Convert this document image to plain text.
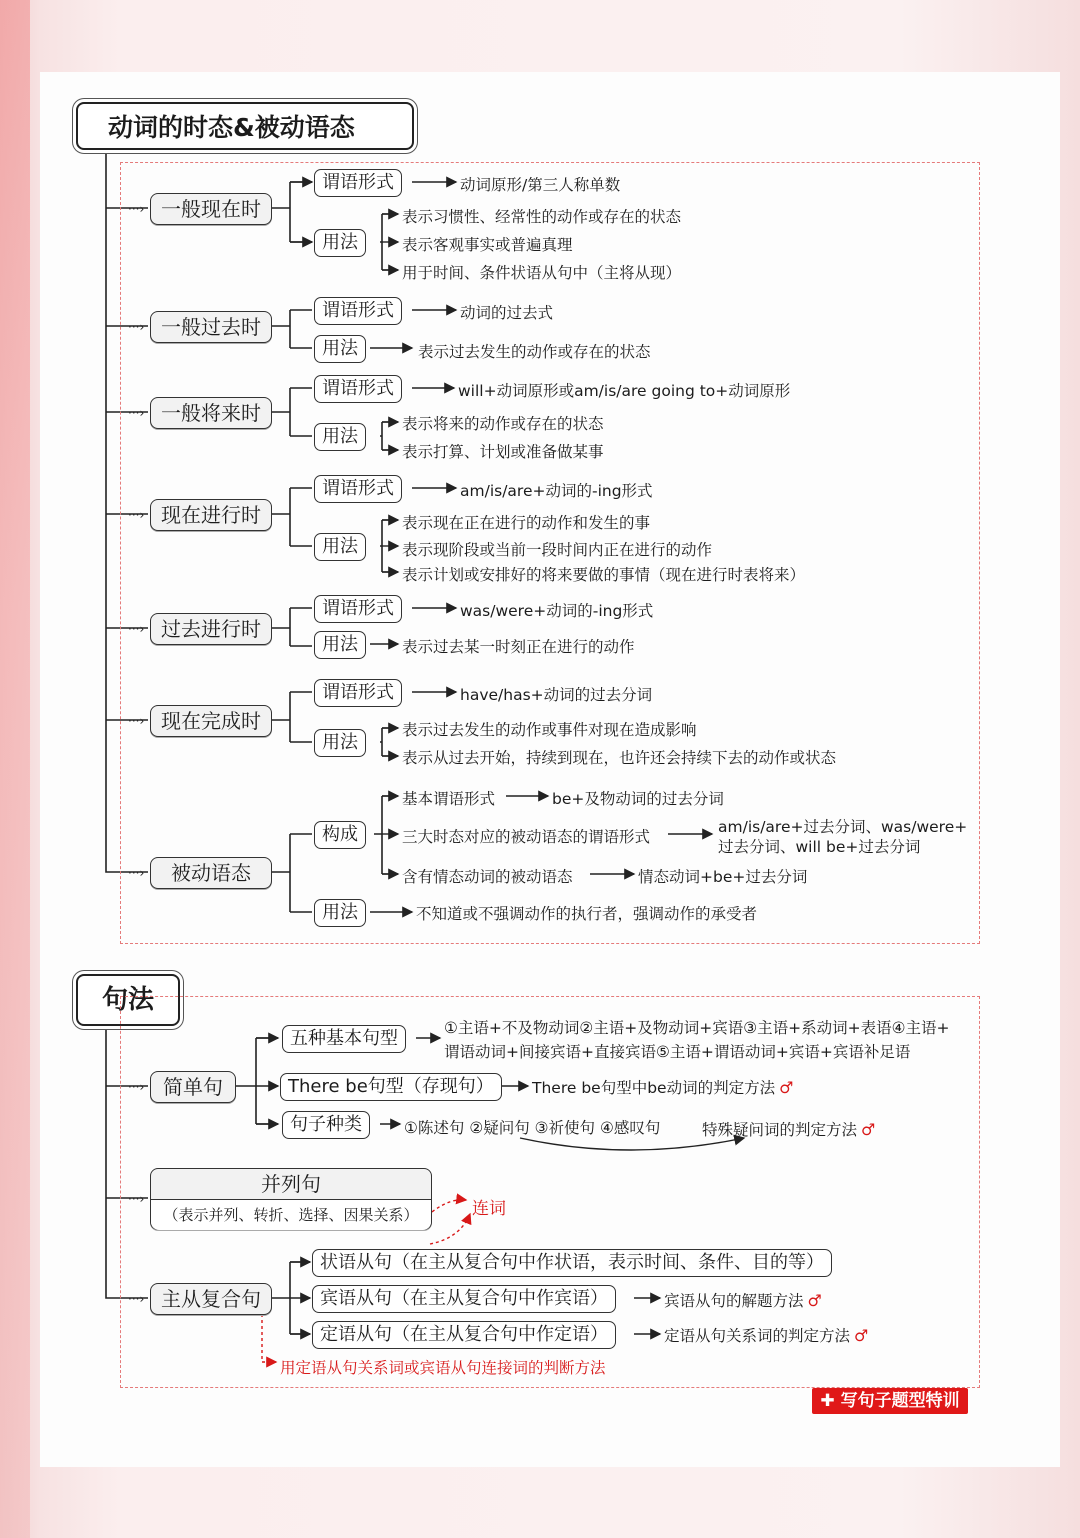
···›
···›
···›
···›
···›
···›
···›
···›
···›
···›
动词的时态&被动语态
一般现在时
谓语形式	动词原形/第三人称单数
用法
表示习惯性、经常性的动作或存在的状态
表示客观事实或普遍真理
用于时间、条件状语从句中（主将从现）
一般过去时
谓语形式	动词的过去式
用法	表示过去发生的动作或存在的状态
一般将来时
谓语形式	will+动词原形或am/is/are going to+动词原形
用法
表示将来的动作或存在的状态
表示打算、计划或准备做某事
现在进行时
谓语形式	am/is/are+动词的-ing形式
用法
表示现在正在进行的动作和发生的事
表示现阶段或当前一段时间内正在进行的动作
表示计划或安排好的将来要做的事情（现在进行时表将来）
过去进行时
谓语形式	was/were+动词的-ing形式
用法	表示过去某一时刻正在进行的动作
现在完成时
谓语形式	have/has+动词的过去分词
用法
表示过去发生的动作或事件对现在造成影响
表示从过去开始，持续到现在，也许还会持续下去的动作或状态
被动语态
构成
基本谓语形式	be+及物动词的过去分词
三大时态对应的被动语态的谓语形式
am/is/are+过去分词、was/were+
过去分词、will be+过去分词
含有情态动词的被动语态	情态动词+be+过去分词
用法	不知道或不强调动作的执行者，强调动作的承受者
句法
简单句
五种基本句型	①主语+不及物动词②主语+及物动词+宾语③主语+系动词+表语④主语+
谓语动词+间接宾语+直接宾语⑤主语+谓语动词+宾语+宾语补足语
There be句型（存现句）	There be句型中be动词的判定方法 ♂
句子种类	①陈述句 ②疑问句 ③祈使句 ④感叹句	特殊疑问词的判定方法 ♂
并列句
（表示并列、转折、选择、因果关系）	连词
主从复合句
状语从句（在主从复合句中作状语，表示时间、条件、目的等）
宾语从句（在主从复合句中作宾语）	宾语从句的解题方法 ♂
定语从句（在主从复合句中作定语）	定语从句关系词的判定方法 ♂
用定语从句关系词或宾语从句连接词的判断方法
✚ 写句子题型特训
